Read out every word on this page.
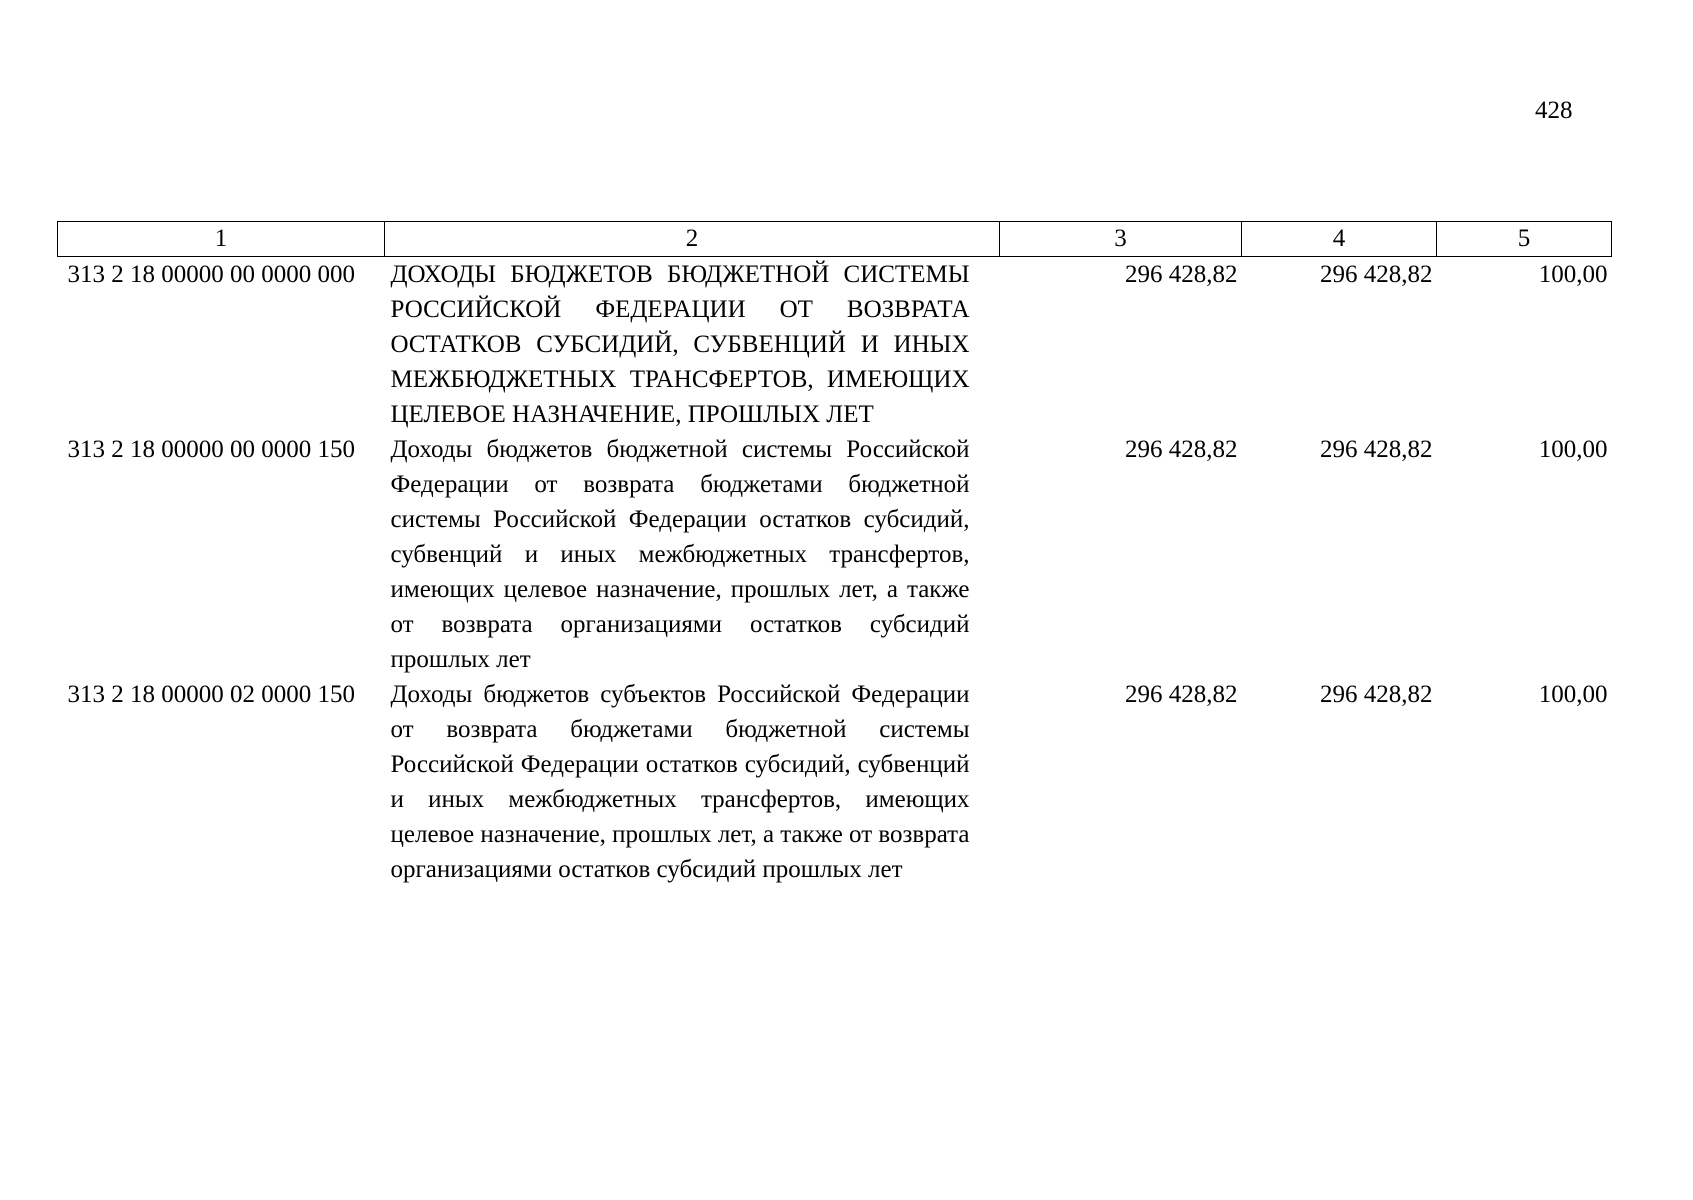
428
1	2	3	4	5
313 2 18 00000 00 0000 000	ДОХОДЫ БЮДЖЕТОВ БЮДЖЕТНОЙ СИСТЕМЫ РОССИЙСКОЙ ФЕДЕРАЦИИ ОТ ВОЗВРАТА ОСТАТКОВ СУБСИДИЙ, СУБВЕНЦИЙ И ИНЫХ МЕЖБЮДЖЕТНЫХ ТРАНСФЕРТОВ, ИМЕЮЩИХ ЦЕЛЕВОЕ НАЗНАЧЕНИЕ, ПРОШЛЫХ ЛЕТ	296 428,82	296 428,82	100,00
313 2 18 00000 00 0000 150	Доходы бюджетов бюджетной системы Российской Федерации от возврата бюджетами бюджетной системы Российской Федерации остатков субсидий, субвенций и иных межбюджетных трансфертов, имеющих целевое назначение, прошлых лет, а также от возврата организациями остатков субсидий прошлых лет	296 428,82	296 428,82	100,00
313 2 18 00000 02 0000 150	Доходы бюджетов субъектов Российской Федерации от возврата бюджетами бюджетной системы Российской Федерации остатков субсидий, субвенций и иных межбюджетных трансфертов, имеющих целевое назначение, прошлых лет, а также от возврата организациями остатков субсидий прошлых лет	296 428,82	296 428,82	100,00
